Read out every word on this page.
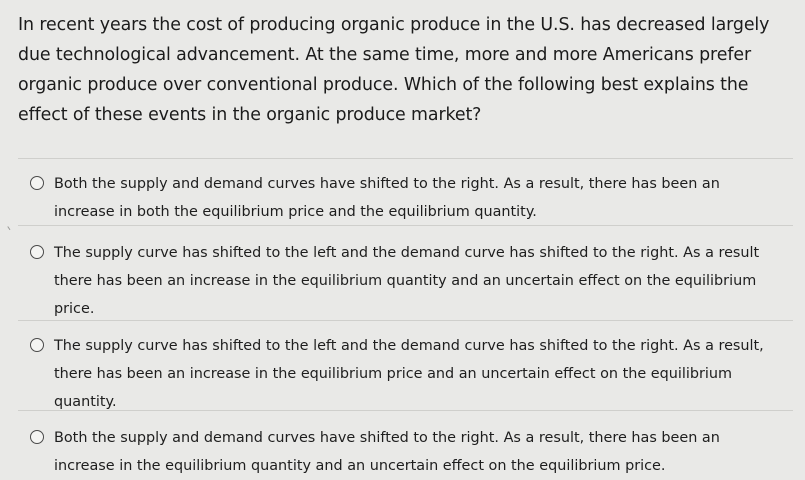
In recent years the cost of producing organic produce in the U.S. has decreased largely due technological advancement. At the same time, more and more Americans prefer organic produce over conventional produce. Which of the following best explains the effect of these events in the organic produce market?
Both the supply and demand curves have shifted to the right. As a result, there has been an increase in both the equilibrium price and the equilibrium quantity.
The supply curve has shifted to the left and the demand curve has shifted to the right. As a result there has been an increase in the equilibrium quantity and an uncertain effect on the equilibrium price.
The supply curve has shifted to the left and the demand curve has shifted to the right. As a result, there has been an increase in the equilibrium price and an uncertain effect on the equilibrium quantity.
Both the supply and demand curves have shifted to the right. As a result, there has been an increase in the equilibrium quantity and an uncertain effect on the equilibrium price.
